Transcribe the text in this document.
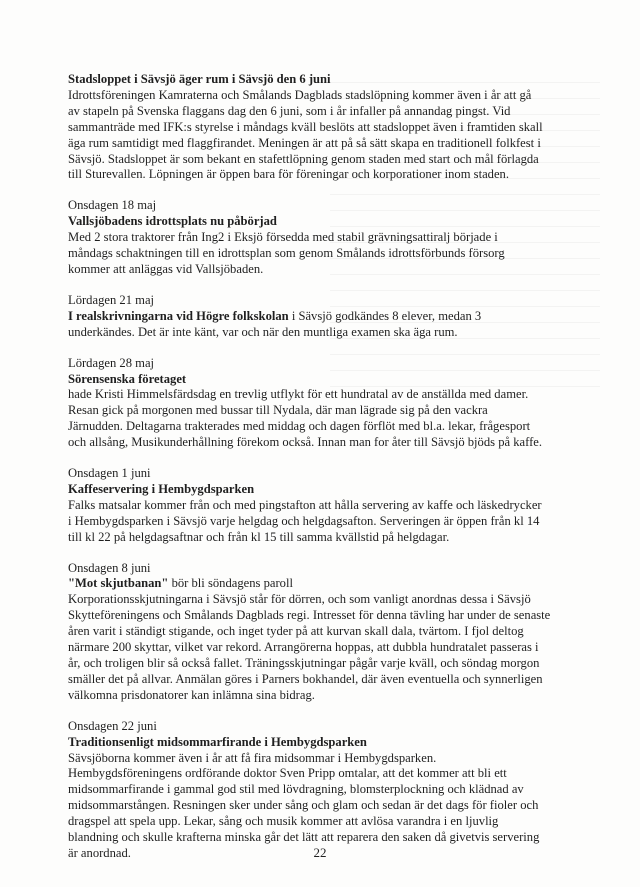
Stadsloppet i Sävsjö äger rum i Sävsjö den 6 juni
Idrottsföreningen Kamraterna och Smålands Dagblads stadslöpning kommer även i år att gå
av stapeln på Svenska flaggans dag den 6 juni, som i år infaller på annandag pingst. Vid
sammanträde med IFK:s styrelse i måndags kväll beslöts att stadsloppet även i framtiden skall
äga rum samtidigt med flaggfirandet. Meningen är att på så sätt skapa en traditionell folkfest i
Sävsjö. Stadsloppet är som bekant en stafettlöpning genom staden med start och mål förlagda
till Sturevallen. Löpningen är öppen bara för föreningar och korporationer inom staden.
Onsdagen 18 maj
Vallsjöbadens idrottsplats nu påbörjad
Med 2 stora traktorer från Ing2 i Eksjö försedda med stabil grävningsattiralj började i
måndags schaktningen till en idrottsplan som genom Smålands idrottsförbunds försorg
kommer att anläggas vid Vallsjöbaden.
Lördagen 21 maj
I realskrivningarna vid Högre folkskolan i Sävsjö godkändes 8 elever, medan 3
underkändes. Det är inte känt, var och när den muntliga examen ska äga rum.
Lördagen 28 maj
Sörensenska företaget
hade Kristi Himmelsfärdsdag en trevlig utflykt för ett hundratal av de anställda med damer.
Resan gick på morgonen med bussar till Nydala, där man lägrade sig på den vackra
Järnudden. Deltagarna trakterades med middag och dagen förflöt med bl.a. lekar, frågesport
och allsång, Musikunderhållning förekom också. Innan man for åter till Sävsjö bjöds på kaffe.
Onsdagen 1 juni
Kaffeservering i Hembygdsparken
Falks matsalar kommer från och med pingstafton att hålla servering av kaffe och läskedrycker
i Hembygdsparken i Sävsjö varje helgdag och helgdagsafton. Serveringen är öppen från kl 14
till kl 22 på helgdagsaftnar och från kl 15 till samma kvällstid på helgdagar.
Onsdagen 8 juni
"Mot skjutbanan" bör bli söndagens paroll
Korporationsskjutningarna i Sävsjö står för dörren, och som vanligt anordnas dessa i Sävsjö
Skytteföreningens och Smålands Dagblads regi. Intresset för denna tävling har under de senaste
åren varit i ständigt stigande, och inget tyder på att kurvan skall dala, tvärtom. I fjol deltog
närmare 200 skyttar, vilket var rekord. Arrangörerna hoppas, att dubbla hundratalet passeras i
år, och troligen blir så också fallet. Träningsskjutningar pågår varje kväll, och söndag morgon
smäller det på allvar. Anmälan göres i Parners bokhandel, där även eventuella och synnerligen
välkomna prisdonatorer kan inlämna sina bidrag.
Onsdagen 22 juni
Traditionsenligt midsommarfirande i Hembygdsparken
Sävsjöborna kommer även i år att få fira midsommar i Hembygdsparken.
Hembygdsföreningens ordförande doktor Sven Pripp omtalar, att det kommer att bli ett
midsommarfirande i gammal god stil med lövdragning, blomsterplockning och klädnad av
midsommarstången. Resningen sker under sång och glam och sedan är det dags för fioler och
dragspel att spela upp. Lekar, sång och musik kommer att avlösa varandra i en ljuvlig
blandning och skulle krafterna minska går det lätt att reparera den saken då givetvis servering
är anordnad.	22
